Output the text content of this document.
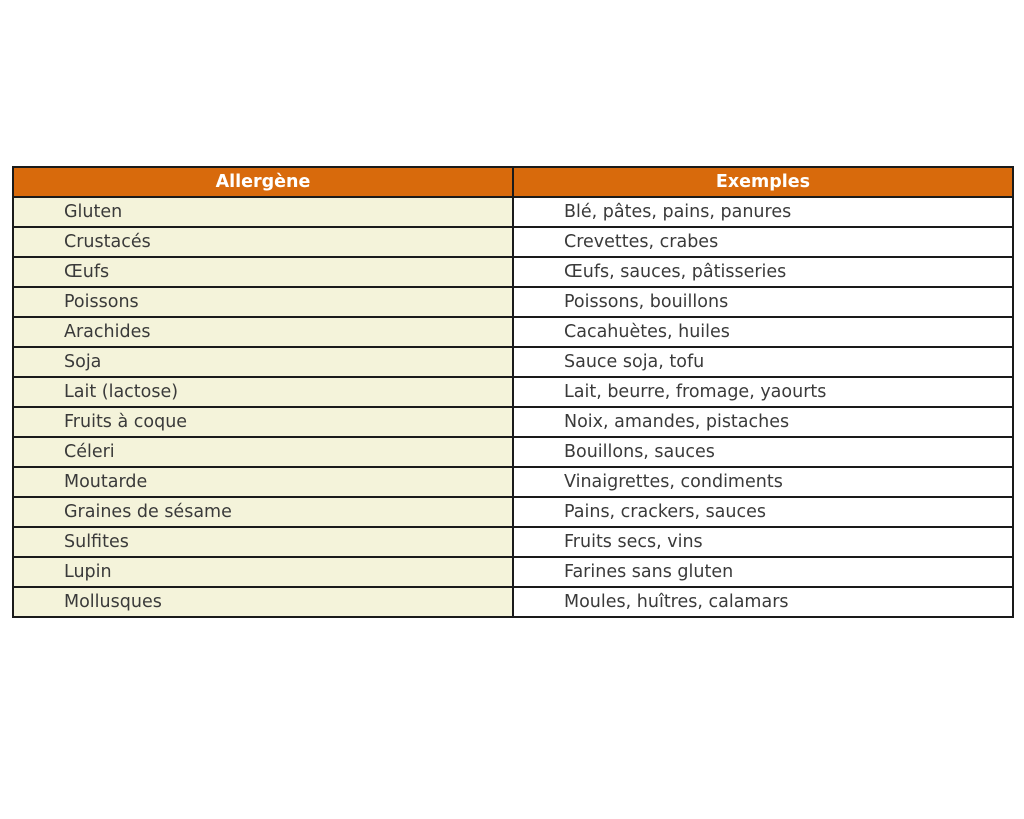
Allergène	Exemples
Gluten	Blé, pâtes, pains, panures
Crustacés	Crevettes, crabes
Œufs	Œufs, sauces, pâtisseries
Poissons	Poissons, bouillons
Arachides	Cacahuètes, huiles
Soja	Sauce soja, tofu
Lait (lactose)	Lait, beurre, fromage, yaourts
Fruits à coque	Noix, amandes, pistaches
Céleri	Bouillons, sauces
Moutarde	Vinaigrettes, condiments
Graines de sésame	Pains, crackers, sauces
Sulfites	Fruits secs, vins
Lupin	Farines sans gluten
Mollusques	Moules, huîtres, calamars
